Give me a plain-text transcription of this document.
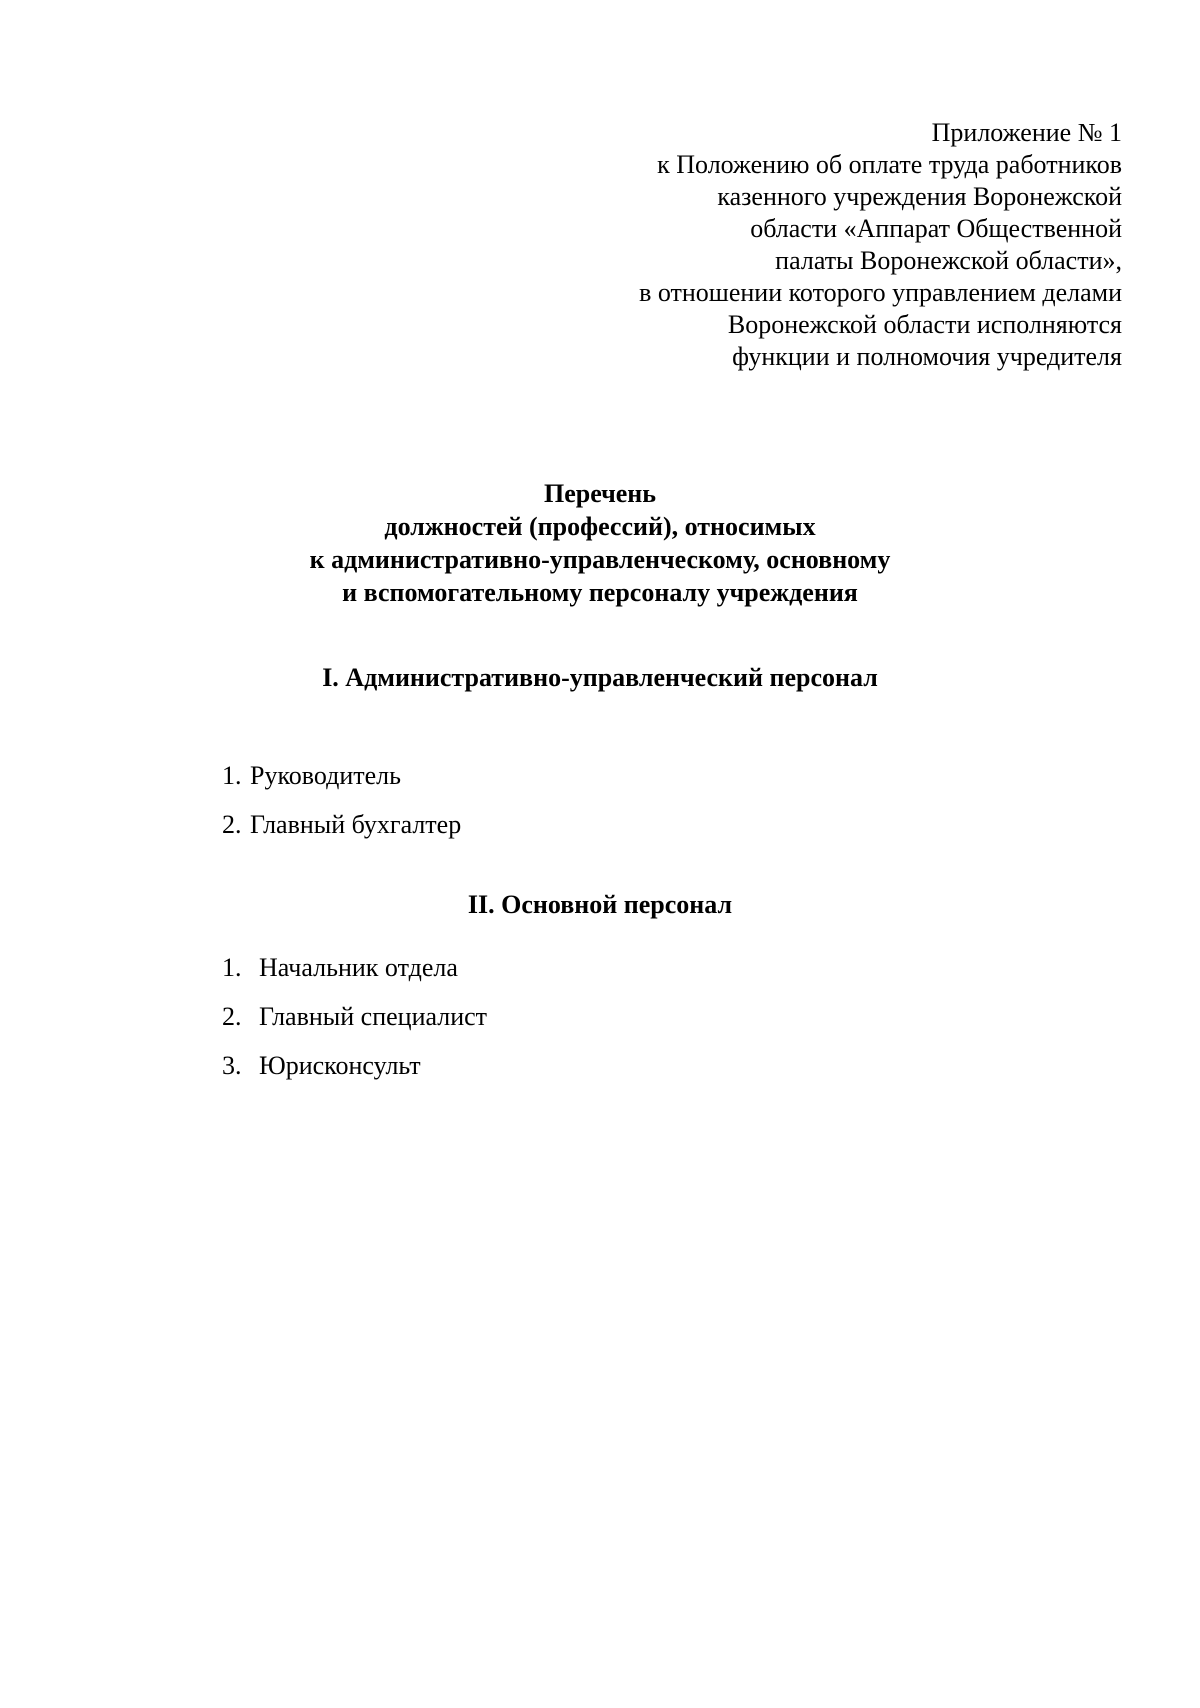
Приложение № 1
к Положению об оплате труда работников
казенного учреждения Воронежской
области «Аппарат Общественной
палаты Воронежской области»,
в отношении которого управлением делами
Воронежской области исполняются
функции и полномочия учредителя
Перечень
должностей (профессий), относимых
к административно-управленческому, основному
и вспомогательному персоналу учреждения
I. Административно-управленческий персонал
1. Руководитель
2. Главный бухгалтер
II. Основной персонал
1. Начальник отдела
2. Главный специалист
3. Юрисконсульт
